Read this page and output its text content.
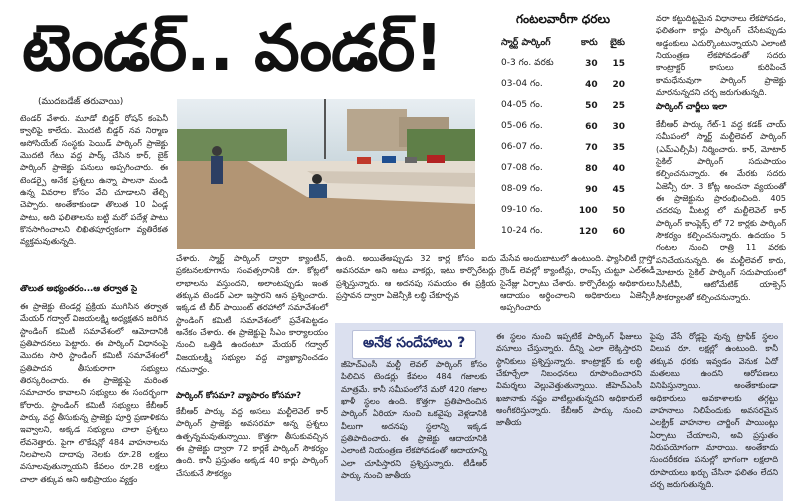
టెండర్.. వండర్!
(ముదబడేజ్ తరువాయి)
టెండర్ వేశారు. మూడో బిడ్డర్ రోషన్ కంపెనీ క్వాలిఫై కాలేదు. మొదటి బిడ్డర్ నవ నిర్మాణ అసోసియేట్ సంస్థకు పెయిడ్ పార్కింగ్ ప్రాజెక్టు మొదటి గేటు వద్ద పార్క్ చేసిన కార్, బైక్ పార్కింగ్ ప్రాజెక్టు పనులు అప్పగించారు. ఈ టెండర్పై అనేక ప్రశ్నలు ఉన్నా పాలనా మండి ఉన్న వివరాల కోసం వేచి చూడాలని తేల్చి చెప్పారు. అంతేకాకుండా తొలుత 10 ఏండ్ల పాటు, అది ఫలితాలను బట్టి మరో పదేళ్ల పాటు కొనసాగించాలని లిఖితపూర్వకంగా వ్యతిరేకత వ్యక్తమవుతున్నది.
తొలుత అభ్యంతరం...ఆ తర్వాత సై
ఈ ప్రాజెక్టు టెండర్ల ప్రక్రియ ముగిసిన తర్వాత మేయర్ గద్వాల్ విజయలక్ష్మి అధ్యక్షతన జరిగిన స్టాండింగ్ కమిటీ సమావేశంలో ఆమోదానికి ప్రతిపాదనలు పెట్టారు. ఈ పార్కింగ్ విధానంపై మొదట సారి స్టాండింగ్ కమిటీ సమావేశంలో ప్రతిపాదన తీసుకురాగా సభ్యులు తిరస్కరించారు. ఈ ప్రాజెక్టుపై మరింత సమాచారం కావాలని సభ్యులు ఈ సందర్భంగా కోరారు. స్టాండింగ్ కమిటీ సభ్యులు కేబీఆర్ పార్కు వద్ద తీసుకున్న ప్రాజెక్టు పూర్తి ప్రణాళికను ఇవ్వాలని, అక్కడ సభ్యులు చాలా ప్రశ్నలు లేవనెత్తారు. పైగా లొకేషన్లో 484 వాహనాలను నిలపాలని దాదాపు నెలకు రూ.28 లక్షలు వసూలవుతున్నాయని కేవలం రూ.28 లక్షలు చాలా తక్కువ అని అభిప్రాయం వ్యక్తం
చేశారు. స్మార్ట్ పార్కింగ్ ద్వారా క్యాంటీన్, ప్రకటనలకూగాను సంవత్సరానికి రూ. కోట్లలో లాభాలను వస్తుందని, అలాంటప్పుడు ఇంత తక్కువ టెండర్ ఎలా ఇస్తారని ఆన ప్రశ్నించారు. ఇక్కడ టీ బీర్ పాయింట్ తరహాలో సమావేశంలో స్టాండింగ్ కమిటీ సమావేశంలో ప్రవేశపెట్టడం అనేకం చేశారు. ఈ ప్రాజెక్టుపై సీఎం కార్యాలయం నుంచి ఒత్తిడి ఉందంటూ మేయర్ గద్వాల్ విజయలక్ష్మి సభ్యుల వద్ద వ్యాఖ్యానించడం గమనార్హం.
పార్కింగ్ కోసమా? వ్యాపారం కోసమా?
కేబీఆర్ పార్కు వద్ద అసలు మల్టీలెవెల్ కార్ పార్కింగ్ ప్రాజెక్టు అవసరమా అన్న ప్రశ్నలు ఉత్పన్నమవుతున్నాయి. కొత్తగా తీసుకువచ్చిన ఈ ప్రాజెక్టు ద్వారా 72 కార్లకే పార్కింగ్ సౌకర్యం ఉంది. కానీ ప్రస్తుతం అక్కడ 40 కార్లు పార్కింగ్ చేసుకునే సౌకర్యం
ఉంది. అయితేఅప్పుడు 32 కార్ల కోసం ఐదు అవసరమా అని అటు వాకర్లు, ఇటు కార్పొరేటర్లు ప్రశ్నిస్తున్నారు. ఆ అదనపు సమయం ఈ ప్రక్రియ ప్రస్తావన ద్వారా ఏజెన్సీకి లబ్ధి చేకూర్చవ
మేసేవ అందుబాటులో ఉంటుంది. ఫ్యాసిలిటీ గ్లాస్తో గ్రౌండ్ లెవల్లో క్యాంటీన్లు, రాంప్స్ చుట్టూ ఎల్ఈడీ సైనేజ్లు ఏర్పాటు చేశారు. కార్పొరేటర్లు అధికారులు ఆదాయం అర్థించాలని అధికారులు ఏజెన్సీకి అప్పగించారు
గంటలవారీగా ధరలు
స్మార్ట్ పార్కింగ్	కారు	బైకు
0-3 గం. వరకు	30	15
03-04 గం.	40	20
04-05 గం.	50	25
05-06 గం.	60	30
06-07 గం.	70	35
07-08 గం.	80	40
08-09 గం.	90	45
09-10 గం.	100	50
10-24 గం.	120	60
వరా కట్టుదిట్టమైన విధానాలు లేకపోవడం, ఫలితంగా కార్లు పార్కింగ్ చేసేటప్పుడు అడ్డంకులు ఎదుర్కొంటున్నాయని ఎలాంటి నియంత్రణ లేకపోవడంతో సదరు కాంట్రాక్టర్ కాసులు కురిపించే కామధేనువుగా పార్కింగ్ ప్రాజెక్టు మారనున్నదని చర్చ జరుగుతున్నది.
పార్కింగ్ చార్జీలు ఇలా
కేబీఆర్ పార్కు గేట్-1 వద్ద కడక్ చాయ్ సమీపంలో స్మార్ట్ మల్టీలెవల్ పార్కింగ్ (ఎమ్ఎల్సీపీ) నిర్మించారు. కార్, మోటార్ సైకిల్ పార్కింగ్ సదుపాయం కల్పించనున్నారు. ఈ మేరకు సదరు ఏజెన్సీ రూ. 3 కోట్ల అంచనా వ్యయంతో ఈ ప్రాజెక్టును ప్రారంభించింది. 405 చదరపు మీటర్ల లో మల్టీలెవెల్ కార్ పార్కింగ్ కాంప్లెక్స్ లో 72 కార్లకు పార్కింగ్ సౌకర్యం కల్పించనున్నారు. ఉదయం 5 గంటల నుంచి రాత్రి 11 వరకు పనిచేయనున్నది. ఈ మల్టీలెవల్ కారు, మోటారు సైకిల్ పార్కింగ్ సదుపాయంలో సీసీటీవీ, ఆటోమేటిక్ యాక్సెస్ సౌకర్యాలతో కల్పించనున్నారు.
అనేక సందేహాలు ?
జీహెచ్ఎంసీ మల్టీ లెవల్ పార్కింగ్ కోసం పిలిచిన టెండర్లు కేవలం 484 గజాలకు మాత్రమే. కానీ సమీపంలోనే మరో 420 గజాల ఖాళీ స్థలం ఉంది. కొత్తగా ప్రతిపాదించిన పార్కింగ్ ఏరియా నుంచి ఒకవైపు వెళ్లడానికి వీలుగా అదనపు స్థలాన్ని ఇక్కడ ప్రతిపాదించారు. ఈ ప్రాజెక్టు ఆదాయానికి ఎలాంటి నియంత్రణ లేకపోవడంతో ఆదాయాన్ని ఎలా చూపిస్తారని ప్రశ్నిస్తున్నారు. టీడీఆర్ పార్కు నుంచి జాతీయ
ఈ స్థలం నుంచి ఇప్పటికే పార్కింగ్ ఫీజులు వసూలు చేస్తున్నారు. దీన్ని ఎలా లెక్కిస్తారని స్థానికులు ప్రశ్నిస్తున్నారు. కాంట్రాక్టర్ కు లబ్ధి చేకూర్చేలా నిబంధనలు రూపొందించారని విమర్శలు వెల్లువెత్తుతున్నాయి. జీహెచ్ఎంసీ ఖజానాకు నష్టం వాటిల్లుతున్నదని అధికారులే అంగీకరిస్తున్నారు. కేబీఆర్ పార్కు నుంచి జాతీయ
పైపు వేసే రోడ్లపై వున్న ట్రాఫిక్ స్థలం విలువ రూ. లక్షల్లో ఉంటుంది. కానీ తక్కువ ధరకు ఇవ్వడం వెనుక ఏదో మతలబు ఉందని ఆరోపణలు వినిపిస్తున్నాయి. అంతేకాకుండా అధికారులు అవకాశాలకు తగ్గట్టు వాహనాలు నిలిపేందుకు అవసరమైన ఎలక్ట్రిక్ వాహనాల చార్జింగ్ పాయింట్లు ఏర్పాటు చేయాలని, అవి ప్రస్తుతం నిరుపయోగంగా మారాయి. అంతేకాదు సుందరీకరణ పనుల్లో భాగంగా లక్షలాది రూపాయలు ఖర్చు చేసినా ఫలితం లేదని చర్చ జరుగుతున్నది.
